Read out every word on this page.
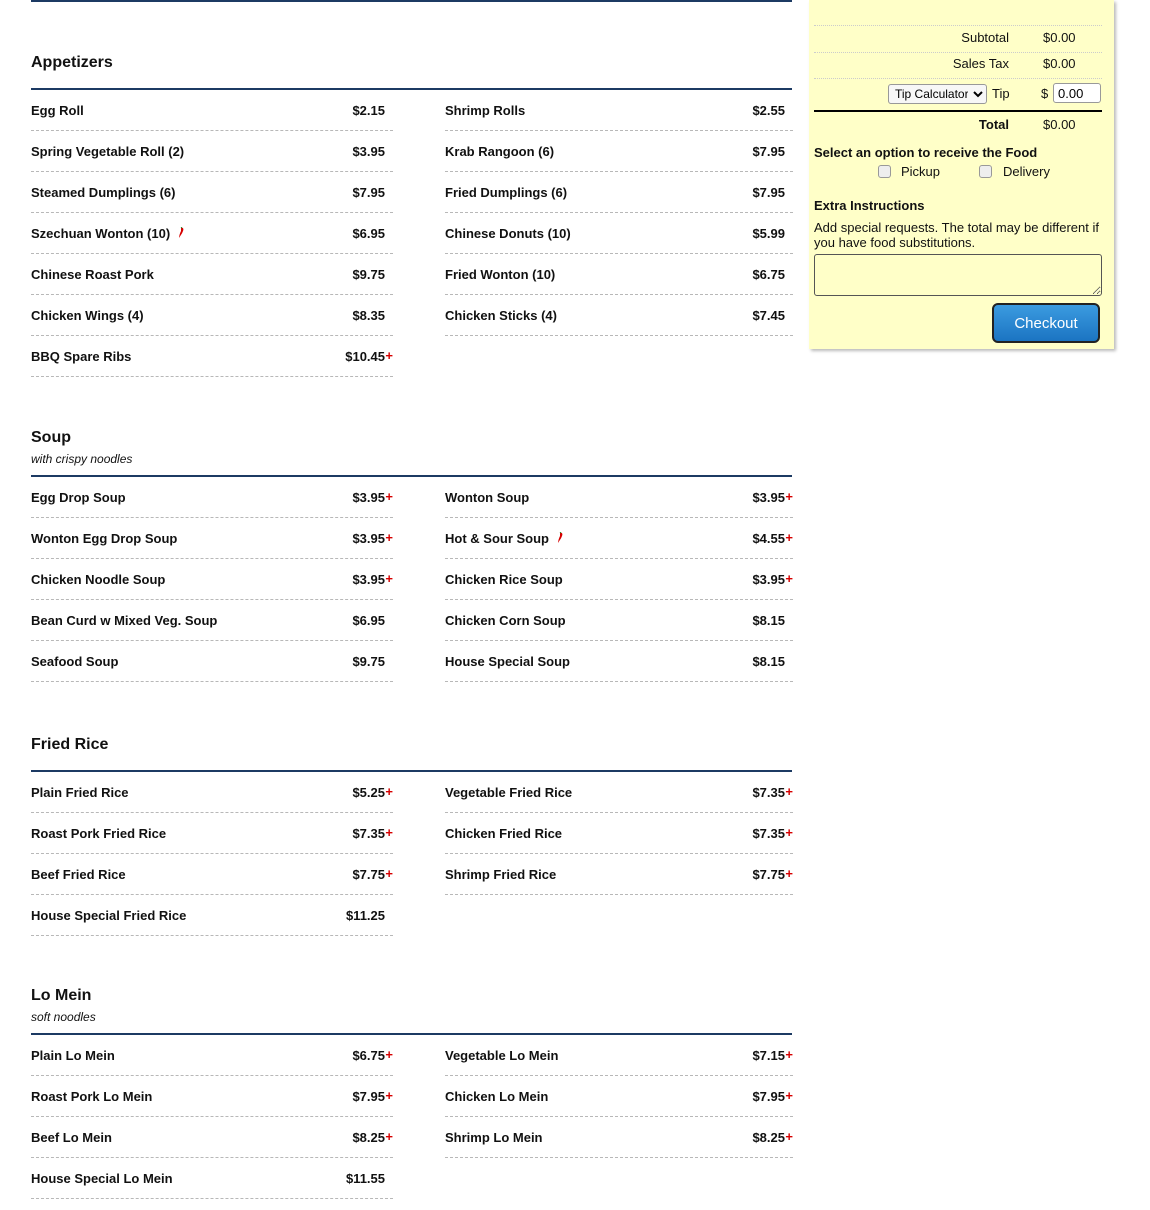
Appetizers
Egg Roll	$2.15
Spring Vegetable Roll (2)	$3.95
Steamed Dumplings (6)	$7.95
Szechuan Wonton (10)	$6.95
Chinese Roast Pork	$9.75
Chicken Wings (4)	$8.35
BBQ Spare Ribs	$10.45 +
Shrimp Rolls	$2.55
Krab Rangoon (6)	$7.95
Fried Dumplings (6)	$7.95
Chinese Donuts (10)	$5.99
Fried Wonton (10)	$6.75
Chicken Sticks (4)	$7.45
Soup
with crispy noodles
Egg Drop Soup	$3.95 +
Wonton Egg Drop Soup	$3.95 +
Chicken Noodle Soup	$3.95 +
Bean Curd w Mixed Veg. Soup	$6.95
Seafood Soup	$9.75
Wonton Soup	$3.95 +
Hot & Sour Soup	$4.55 +
Chicken Rice Soup	$3.95 +
Chicken Corn Soup	$8.15
House Special Soup	$8.15
Fried Rice
Plain Fried Rice	$5.25 +
Roast Pork Fried Rice	$7.35 +
Beef Fried Rice	$7.75 +
House Special Fried Rice	$11.25
Vegetable Fried Rice	$7.35 +
Chicken Fried Rice	$7.35 +
Shrimp Fried Rice	$7.75 +
Lo Mein
soft noodles
Plain Lo Mein	$6.75 +
Roast Pork Lo Mein	$7.95 +
Beef Lo Mein	$8.25 +
House Special Lo Mein	$11.55
Vegetable Lo Mein	$7.15 +
Chicken Lo Mein	$7.95 +
Shrimp Lo Mein	$8.25 +
Subtotal	$0.00
Sales Tax	$0.00
Tip Calculator
Tip $
0.00
Total	$0.00
Select an option to receive the Food
Pickup	Delivery
Extra Instructions
Add special requests. The total may be different if you have food substitutions.
Checkout
